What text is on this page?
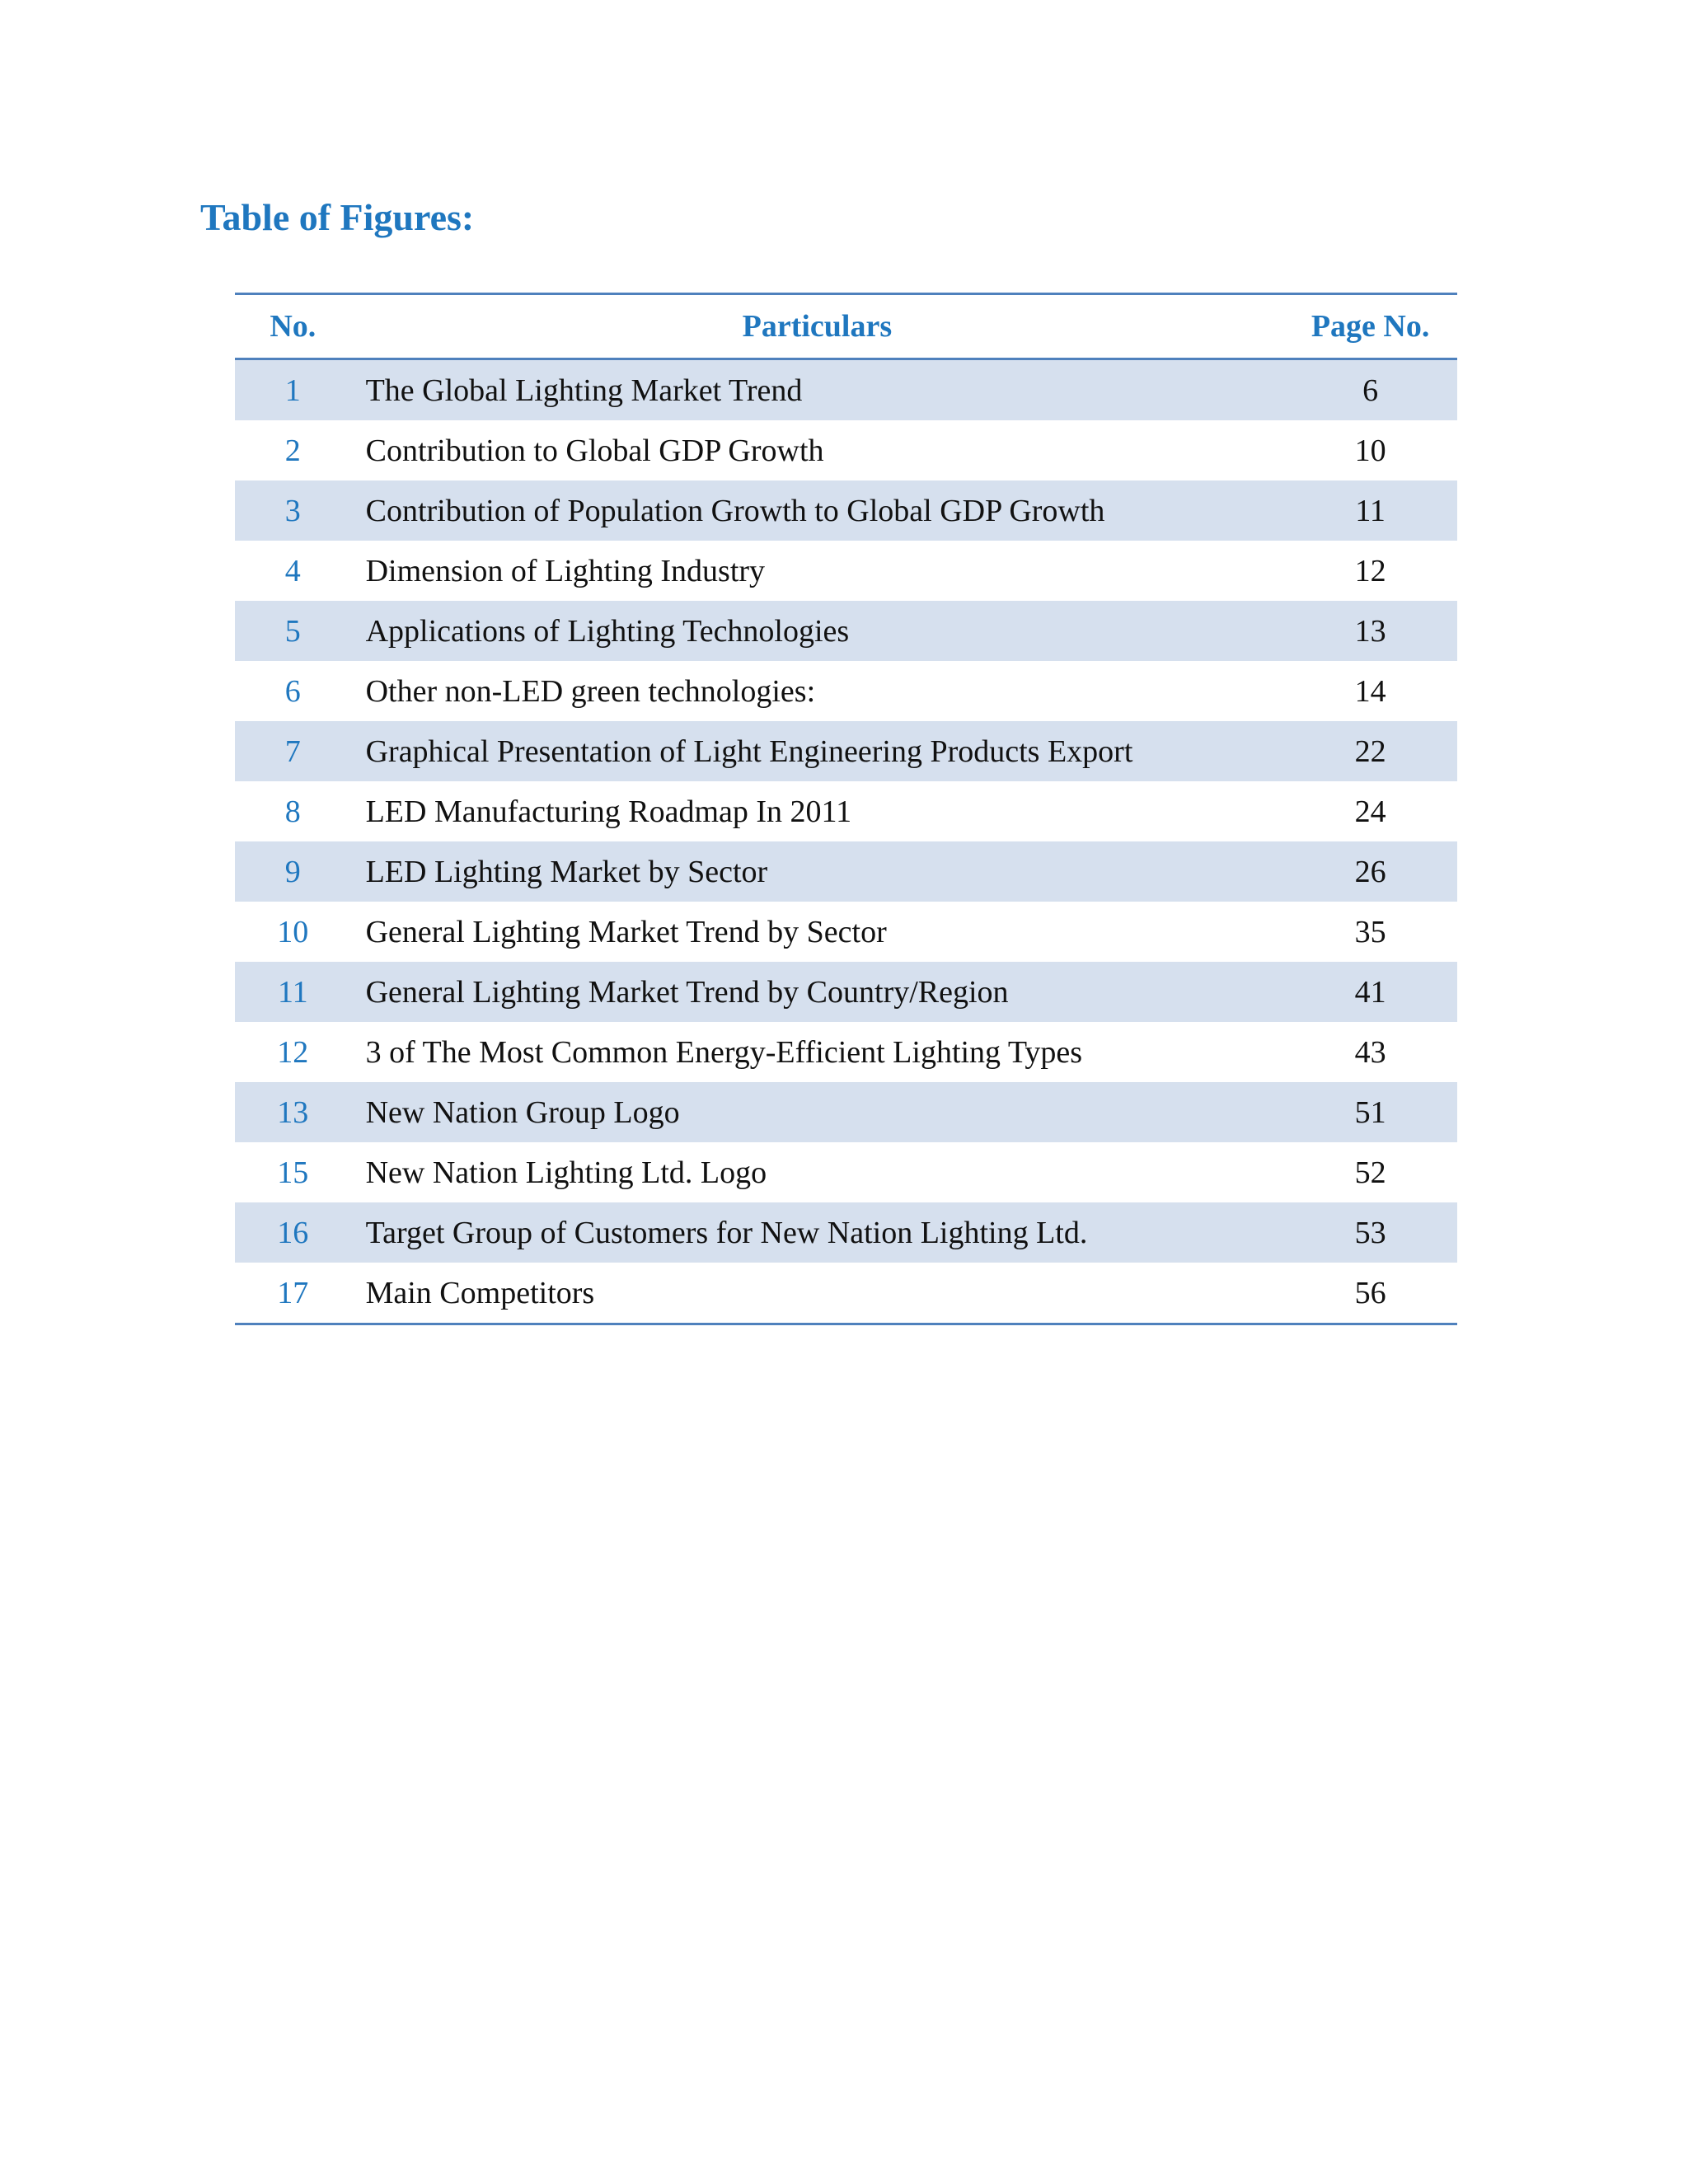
Table of Figures:
No.	Particulars	Page No.
1	The Global Lighting Market Trend	6
2	Contribution to Global GDP Growth	10
3	Contribution of Population Growth to Global GDP Growth	11
4	Dimension of Lighting Industry	12
5	Applications of Lighting Technologies	13
6	Other non-LED green technologies:	14
7	Graphical Presentation of Light Engineering Products Export	22
8	LED Manufacturing Roadmap In 2011	24
9	LED Lighting Market by Sector	26
10	General Lighting Market Trend by Sector	35
11	General Lighting Market Trend by Country/Region	41
12	3 of The Most Common Energy-Efficient Lighting Types	43
13	New Nation Group Logo	51
15	New Nation Lighting Ltd. Logo	52
16	Target Group of Customers for New Nation Lighting Ltd.	53
17	Main Competitors	56
